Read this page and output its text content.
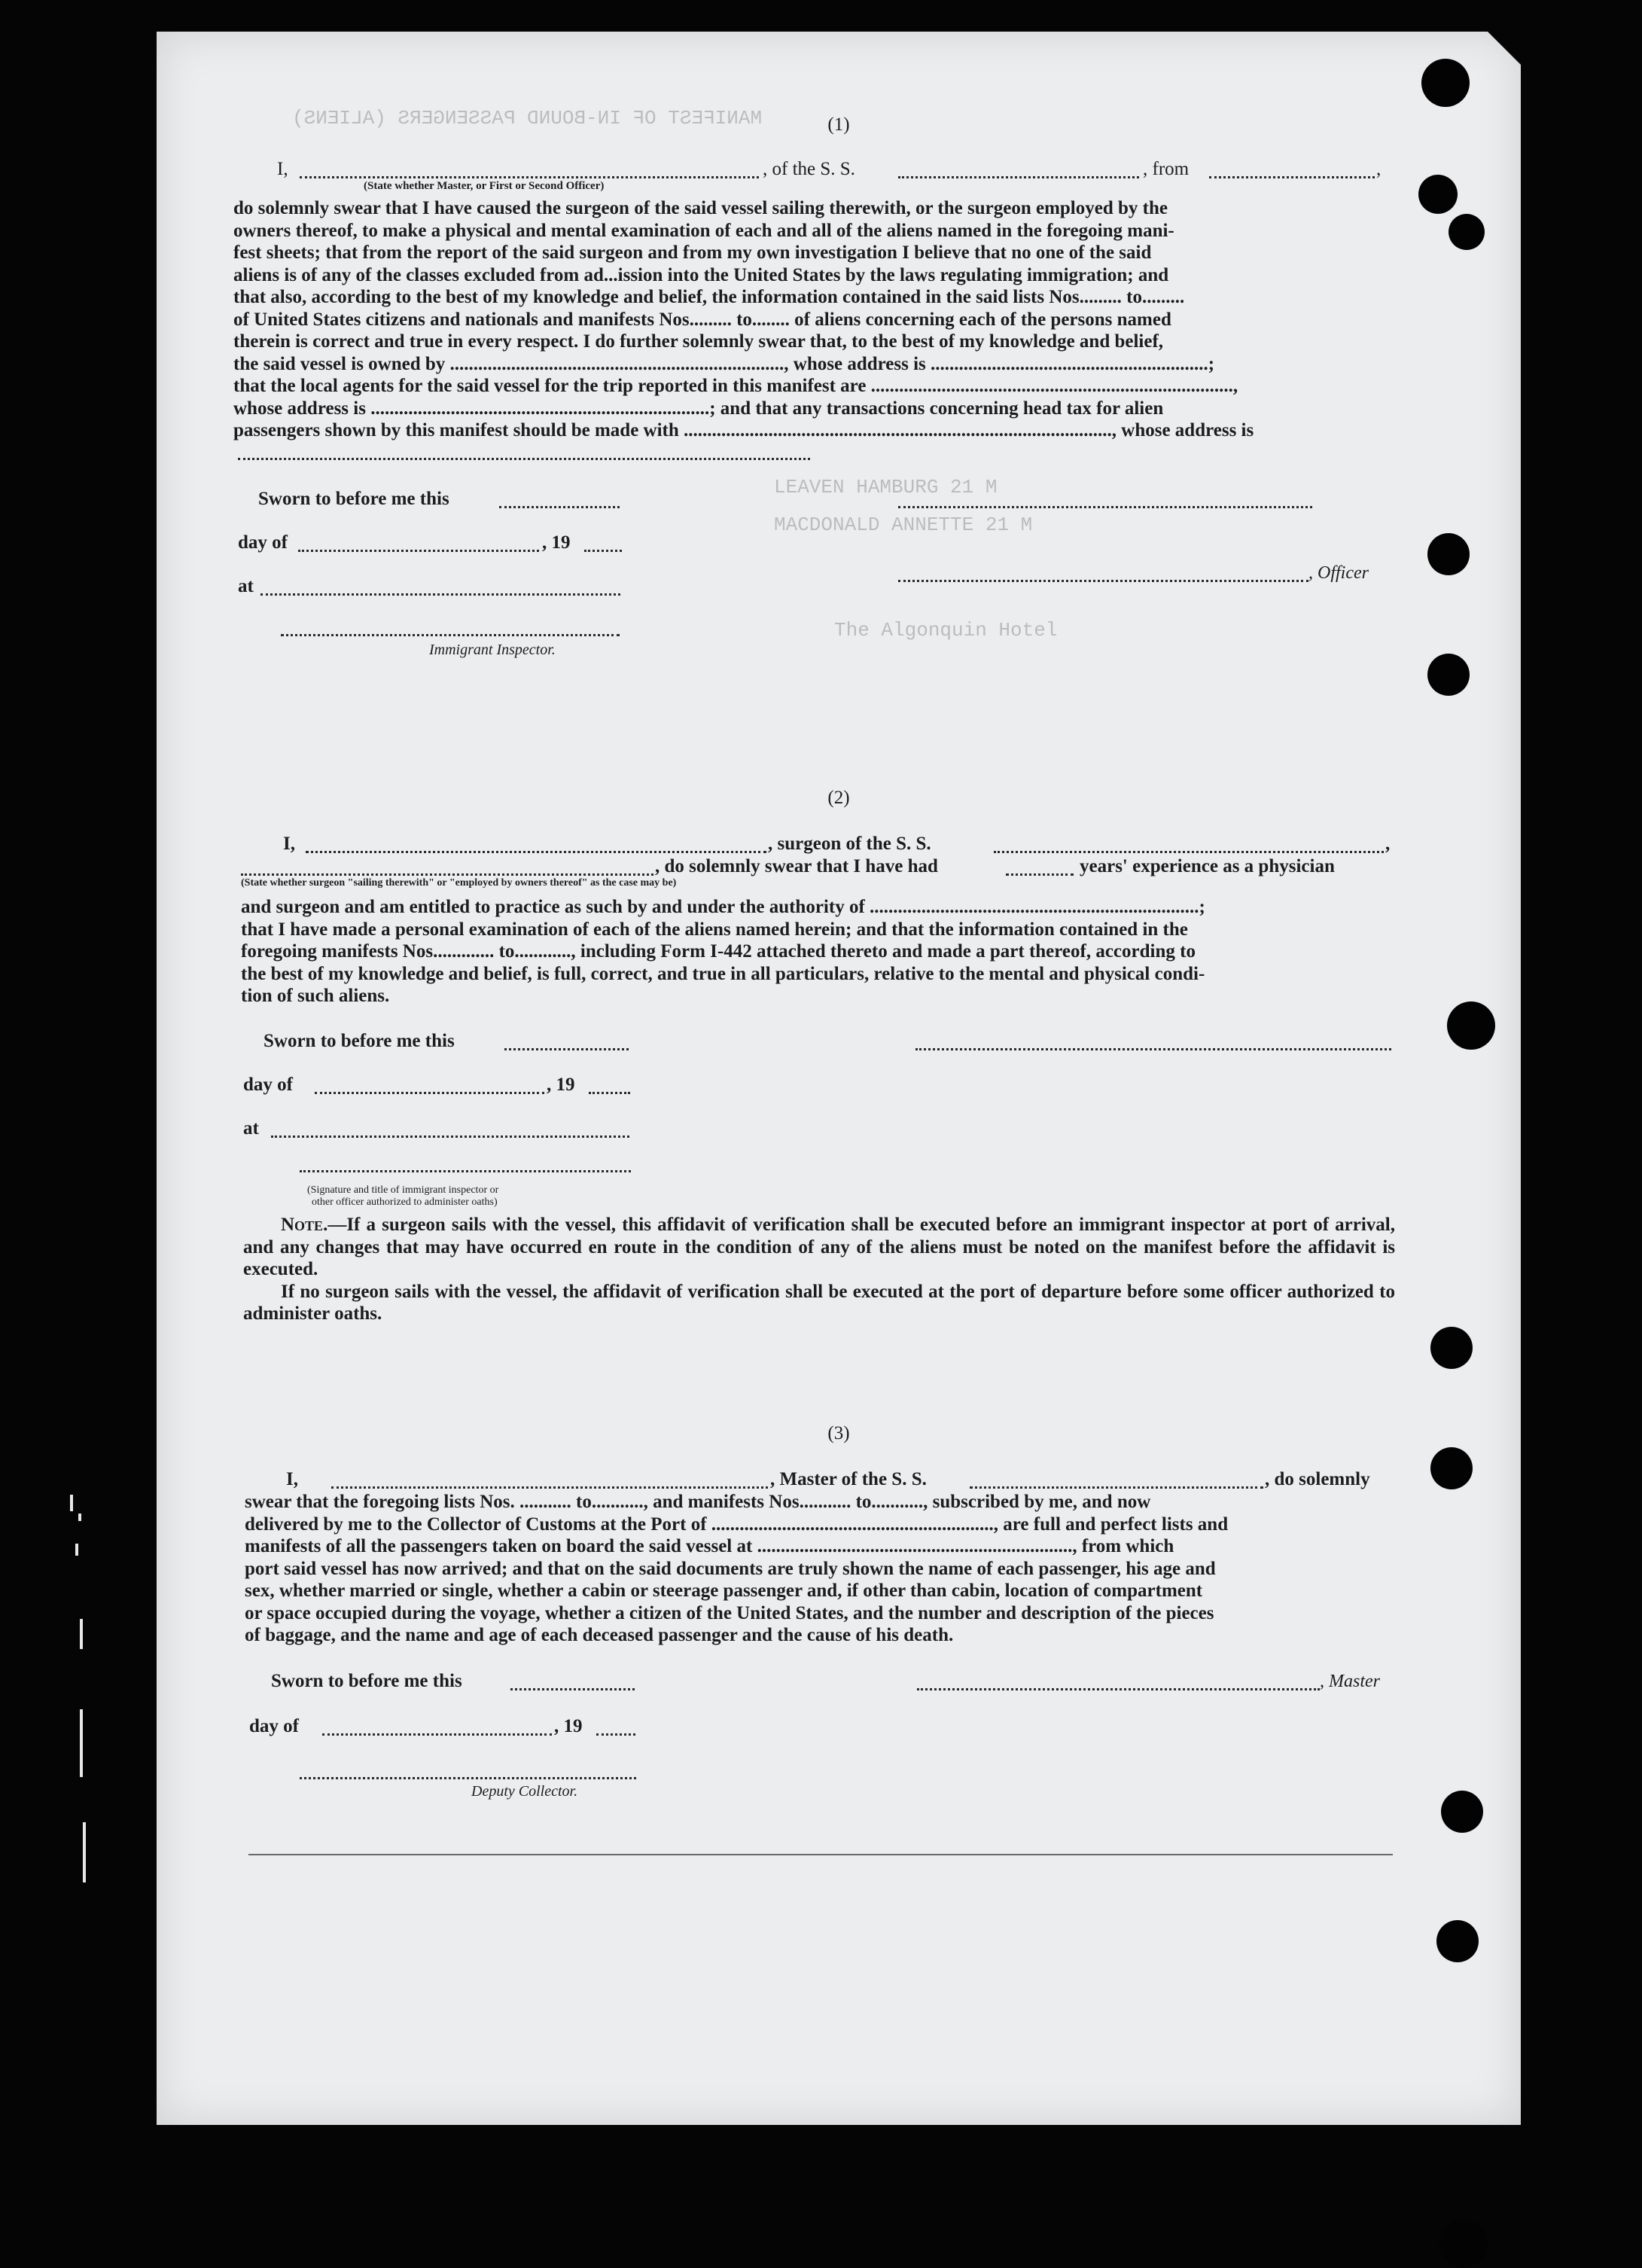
MANIFEST OF IN-BOUND PASSENGERS (ALIENS)
LEAVEN HAMBURG 21 M
MACDONALD ANNETTE 21 M
The Algonquin Hotel
(1)
I,	, of the S. S.	, from	,
(State whether Master, or First or Second Officer)

do solemnly swear that I have caused the surgeon of the said vessel sailing therewith, or the surgeon employed by the

owners thereof, to make a physical and mental examination of each and all of the aliens named in the foregoing mani-

fest sheets; that from the report of the said surgeon and from my own investigation I believe that no one of the said

aliens is of any of the classes excluded from ad...ission into the United States by the laws regulating immigration; and

that also, according to the best of my knowledge and belief, the information contained in the said lists Nos......... to.........

of United States citizens and nationals and manifests Nos......... to........ of aliens concerning each of the persons named

therein is correct and true in every respect. I do further solemnly swear that, to the best of my knowledge and belief,

the said vessel is owned by ......................................................................., whose address is ...........................................................;

that the local agents for the said vessel for the trip reported in this manifest are .............................................................................,

whose address is ........................................................................; and that any transactions concerning head tax for alien

passengers shown by this manifest should be made with ..........................................................................................., whose address is

Sworn to before me this
day of	, 19
, Officer
at
Immigrant Inspector.
(2)
I,	, surgeon of the S. S.	,
, do solemnly swear that I have had	years' experience as a physician
(State whether surgeon "sailing therewith" or "employed by owners thereof" as the case may be)

and surgeon and am entitled to practice as such by and under the authority of ......................................................................;

that I have made a personal examination of each of the aliens named herein; and that the information contained in the

foregoing manifests Nos............. to............, including Form I-442 attached thereto and made a part thereof, according to

the best of my knowledge and belief, is full, correct, and true in all particulars, relative to the mental and physical condi-

tion of such aliens.

Sworn to before me this
day of	, 19
at
(Signature and title of immigrant inspector or
other officer authorized to administer oaths)

Note.—If a surgeon sails with the vessel, this affidavit of verification shall be executed before an immigrant inspector at port of arrival, and any changes that may have occurred en route in the condition of any of the aliens must be noted on the manifest before the affidavit is executed.

If no surgeon sails with the vessel, the affidavit of verification shall be executed at the port of departure before some officer authorized to administer oaths.

(3)
I,	, Master of the S. S.	, do solemnly

swear that the foregoing lists Nos. ........... to..........., and manifests Nos........... to..........., subscribed by me, and now

delivered by me to the Collector of Customs at the Port of ............................................................, are full and perfect lists and

manifests of all the passengers taken on board the said vessel at ..................................................................., from which

port said vessel has now arrived; and that on the said documents are truly shown the name of each passenger, his age and

sex, whether married or single, whether a cabin or steerage passenger and, if other than cabin, location of compartment

or space occupied during the voyage, whether a citizen of the United States, and the number and description of the pieces

of baggage, and the name and age of each deceased passenger and the cause of his death.

Sworn to before me this	, Master
day of	, 19
Deputy Collector.
